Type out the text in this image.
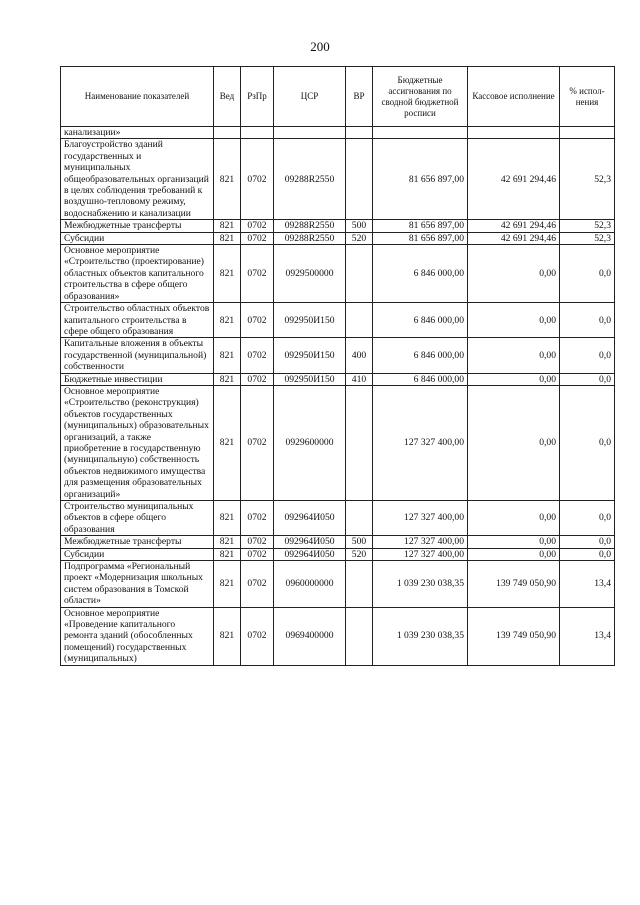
200
Наименование показателей	Вед	РзПр	ЦСР	ВР	Бюджетные ассигнования по сводной бюджетной росписи	Кассовое исполнение	% испол-нения
канализации»							
Благоустройство зданий государственных и муниципальных общеобразовательных организаций в целях соблюдения требований к воздушно-тепловому режиму, водоснабжению и канализации	821	0702	09288R2550		81 656 897,00	42 691 294,46	52,3
Межбюджетные трансферты	821	0702	09288R2550	500	81 656 897,00	42 691 294,46	52,3
Субсидии	821	0702	09288R2550	520	81 656 897,00	42 691 294,46	52,3
Основное мероприятие «Строительство (проектирование) областных объектов капитального строительства в сфере общего образования»	821	0702	0929500000		6 846 000,00	0,00	0,0
Строительство областных объектов капитального строительства в сфере общего образования	821	0702	092950И150		6 846 000,00	0,00	0,0
Капитальные вложения в объекты государственной (муниципальной) собственности	821	0702	092950И150	400	6 846 000,00	0,00	0,0
Бюджетные инвестиции	821	0702	092950И150	410	6 846 000,00	0,00	0,0
Основное мероприятие «Строительство (реконструкция) объектов государственных (муниципальных) образовательных организаций, а также приобретение в государственную (муниципальную) собственность объектов недвижимого имущества для размещения образовательных организаций»	821	0702	0929600000		127 327 400,00	0,00	0,0
Строительство муниципальных объектов в сфере общего образования	821	0702	092964И050		127 327 400,00	0,00	0,0
Межбюджетные трансферты	821	0702	092964И050	500	127 327 400,00	0,00	0,0
Субсидии	821	0702	092964И050	520	127 327 400,00	0,00	0,0
Подпрограмма «Региональный проект «Модернизация школьных систем образования в Томской области»	821	0702	0960000000		1 039 230 038,35	139 749 050,90	13,4
Основное мероприятие «Проведение капитального ремонта зданий (обособленных помещений) государственных (муниципальных)	821	0702	0969400000		1 039 230 038,35	139 749 050,90	13,4
